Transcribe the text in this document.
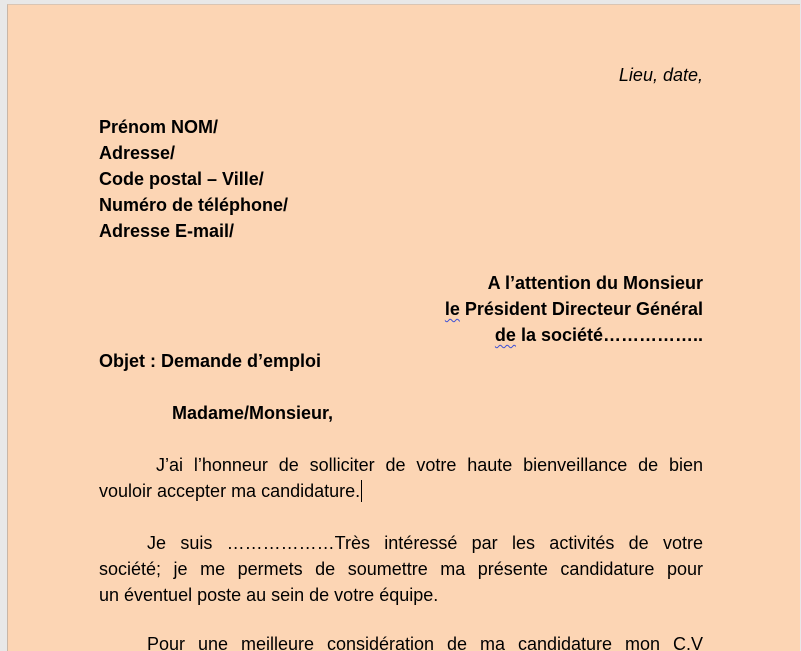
Lieu, date,
Prénom NOM/
Adresse/
Code postal – Ville/
Numéro de téléphone/
Adresse E-mail/
A l’attention du Monsieur
le Président Directeur Général
de la société……………..
Objet : Demande d’emploi
Madame/Monsieur,
J’ai l’honneur de solliciter de votre haute bienveillance de bien
vouloir accepter ma candidature.
Je suis ………………Très intéressé par les activités de votre
société; je me permets de soumettre ma présente candidature pour
un éventuel poste au sein de votre équipe.
Pour une meilleure considération de ma candidature mon C.V
